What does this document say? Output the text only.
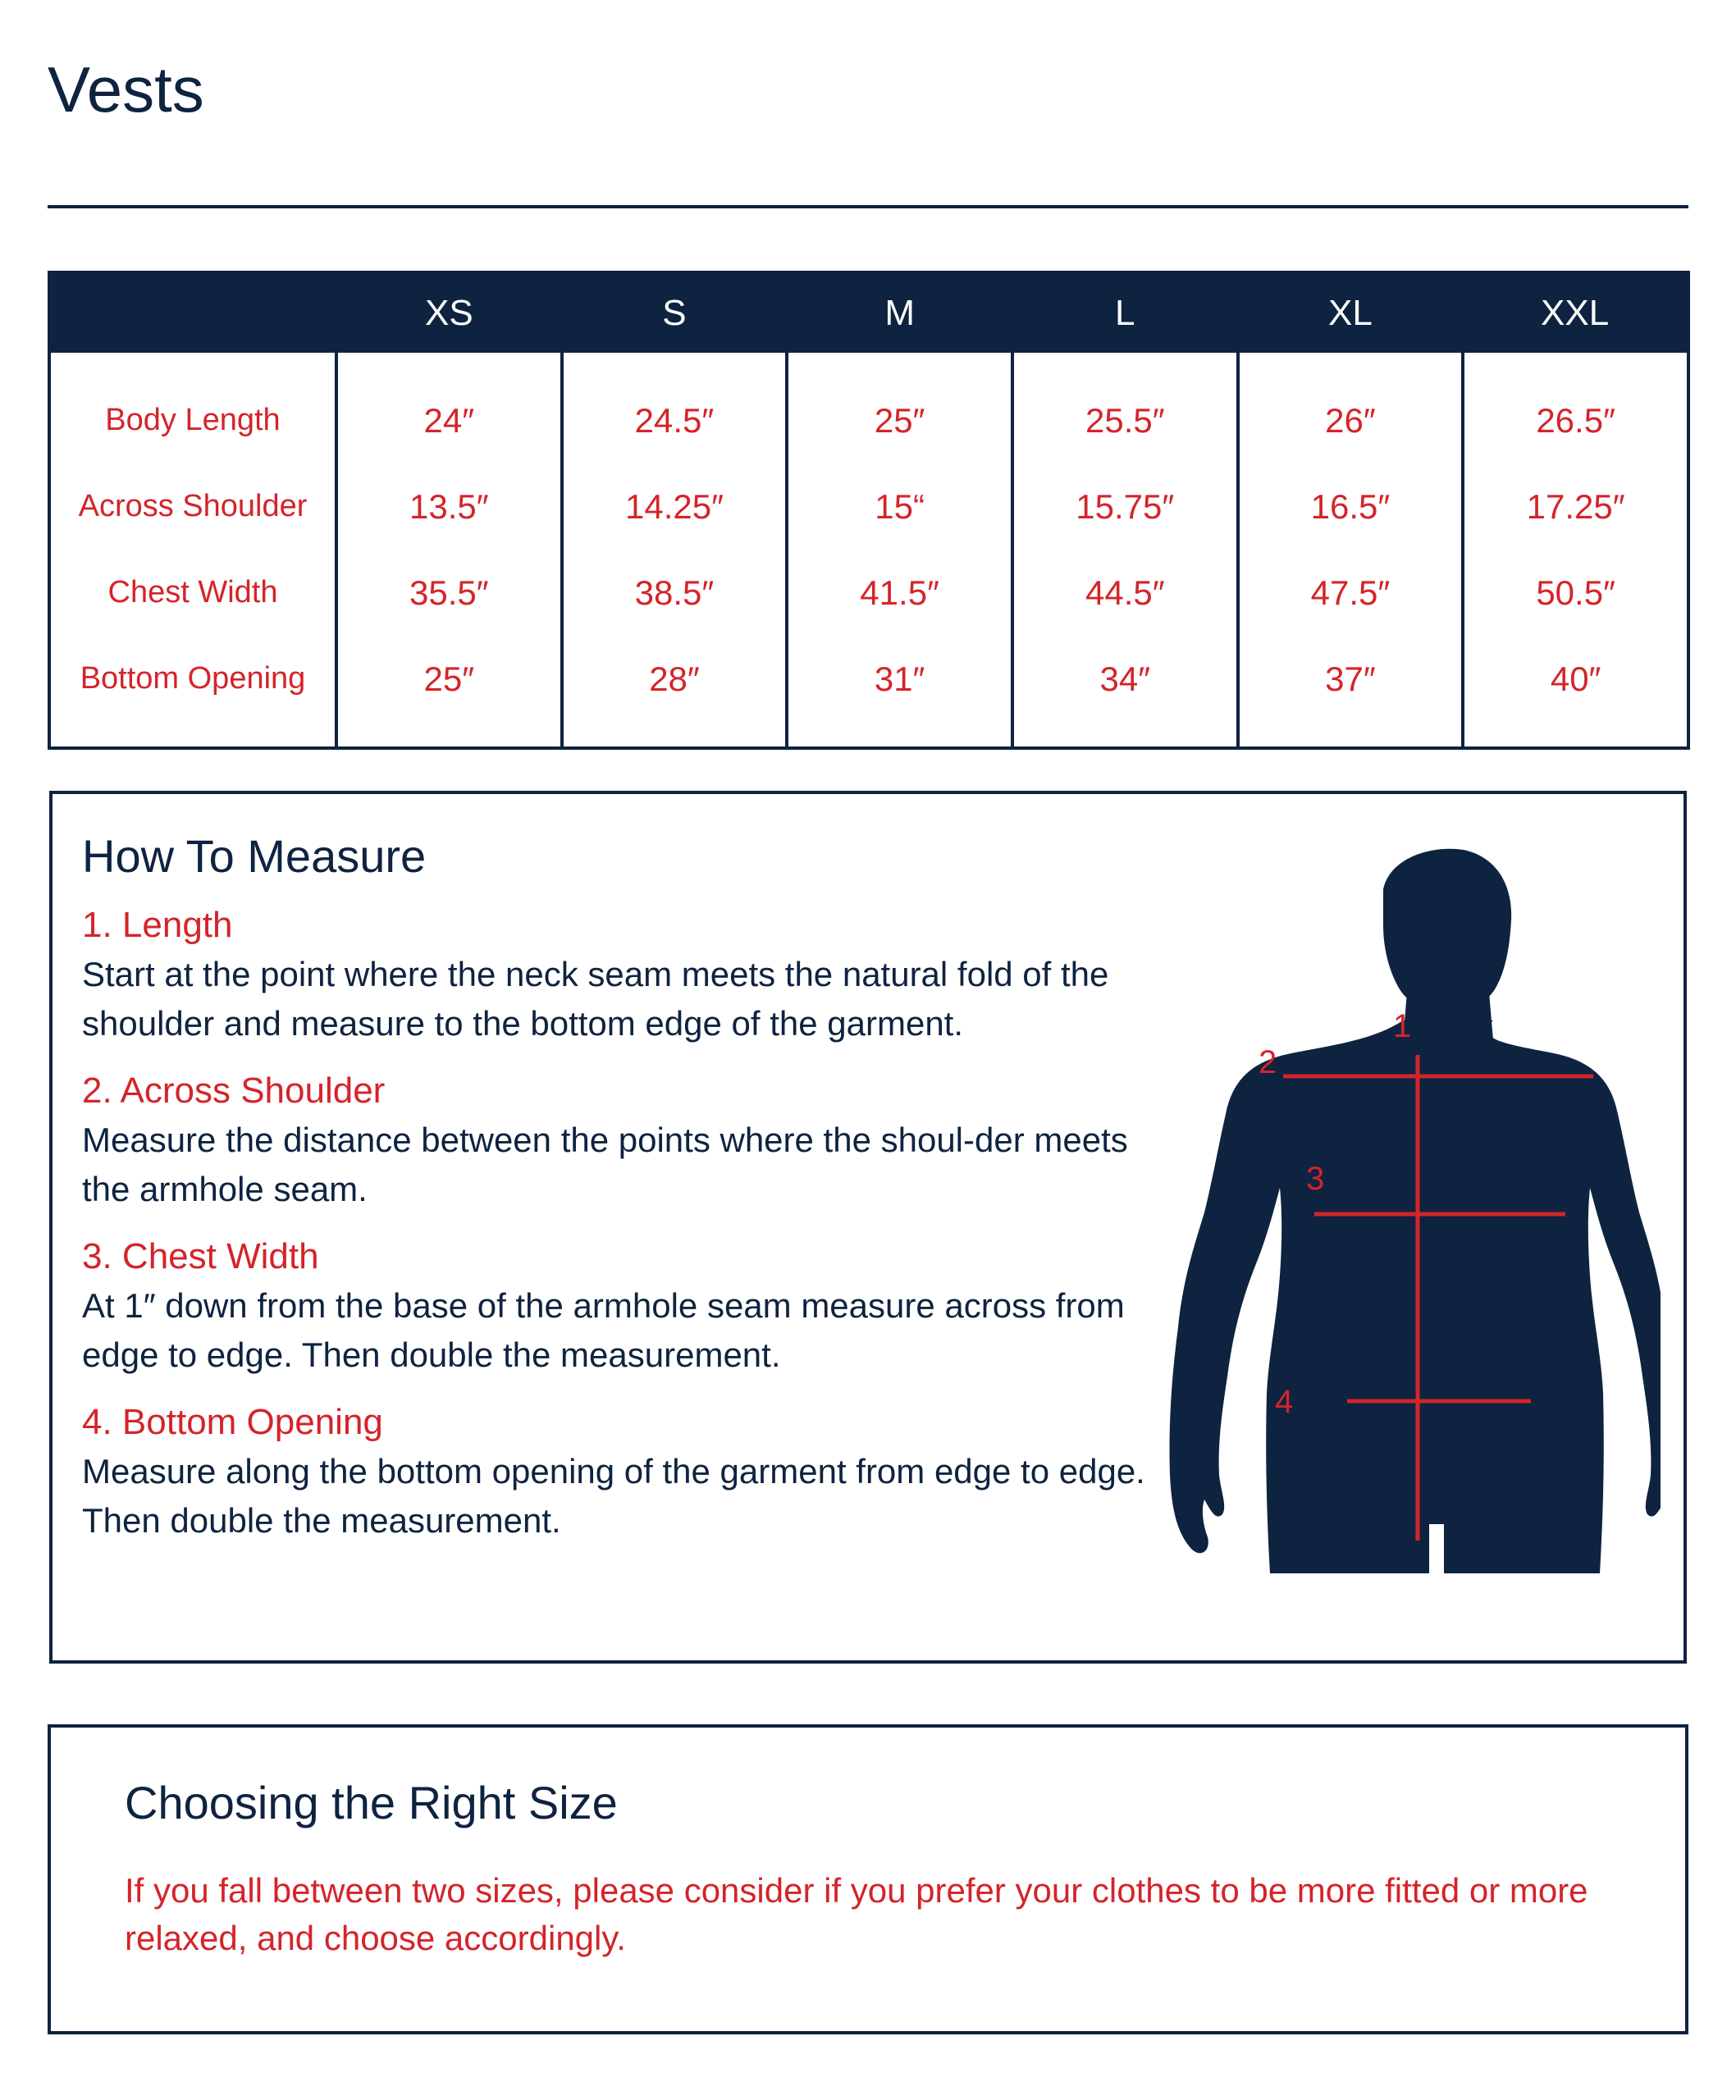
Vests
	XS	S	M	L	XL	XXL
Body Length	24″	24.5″	25″	25.5″	26″	26.5″
Across Shoulder	13.5″	14.25″	15“	15.75″	16.5″	17.25″
Chest Width	35.5″	38.5″	41.5″	44.5″	47.5″	50.5″
Bottom Opening	25″	28″	31″	34″	37″	40″
How To Measure
1. Length
Start at the point where the neck seam meets the natural fold of the shoulder and measure to the bottom edge of the garment.
2. Across Shoulder
Measure the distance between the points where the shoul-der meets the armhole seam.
3. Chest Width
At 1″ down from the base of the armhole seam measure across from edge to edge. Then double the measurement.
4. Bottom Opening
Measure along the bottom opening of the garment from edge to edge. Then double the measurement.
1
2
3
4
Choosing the Right Size
If you fall between two sizes, please consider if you prefer your clothes to be more fitted or more relaxed, and choose accordingly.
